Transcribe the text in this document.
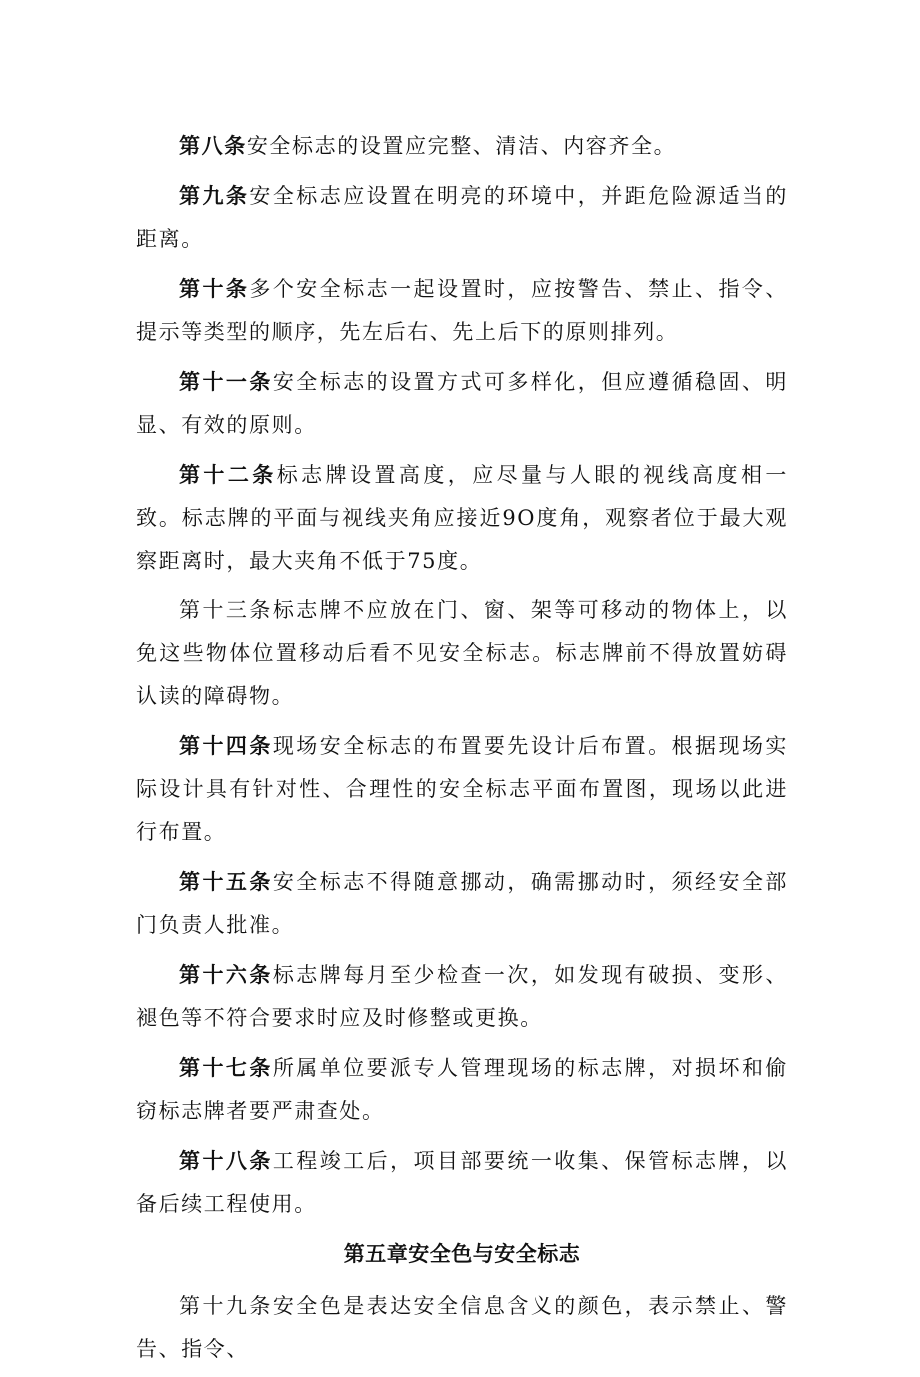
第八条安全标志的设置应完整、清洁、内容齐全。

第九条安全标志应设置在明亮的环境中，并距危险源适当的距离。

第十条多个安全标志一起设置时，应按警告、禁止、指令、提示等类型的顺序，先左后右、先上后下的原则排列。

第十一条安全标志的设置方式可多样化，但应遵循稳固、明显、有效的原则。

第十二条标志牌设置高度，应尽量与人眼的视线高度相一致。标志牌的平面与视线夹角应接近9O度角，观察者位于最大观察距离时，最大夹角不低于75度。

第十三条标志牌不应放在门、窗、架等可移动的物体上，以免这些物体位置移动后看不见安全标志。标志牌前不得放置妨碍认读的障碍物。

第十四条现场安全标志的布置要先设计后布置。根据现场实际设计具有针对性、合理性的安全标志平面布置图，现场以此进行布置。

第十五条安全标志不得随意挪动，确需挪动时，须经安全部门负责人批准。

第十六条标志牌每月至少检查一次，如发现有破损、变形、褪色等不符合要求时应及时修整或更换。

第十七条所属单位要派专人管理现场的标志牌，对损坏和偷窃标志牌者要严肃查处。

第十八条工程竣工后，项目部要统一收集、保管标志牌，以备后续工程使用。

第五章安全色与安全标志

第十九条安全色是表达安全信息含义的颜色，表示禁止、警告、指令、
